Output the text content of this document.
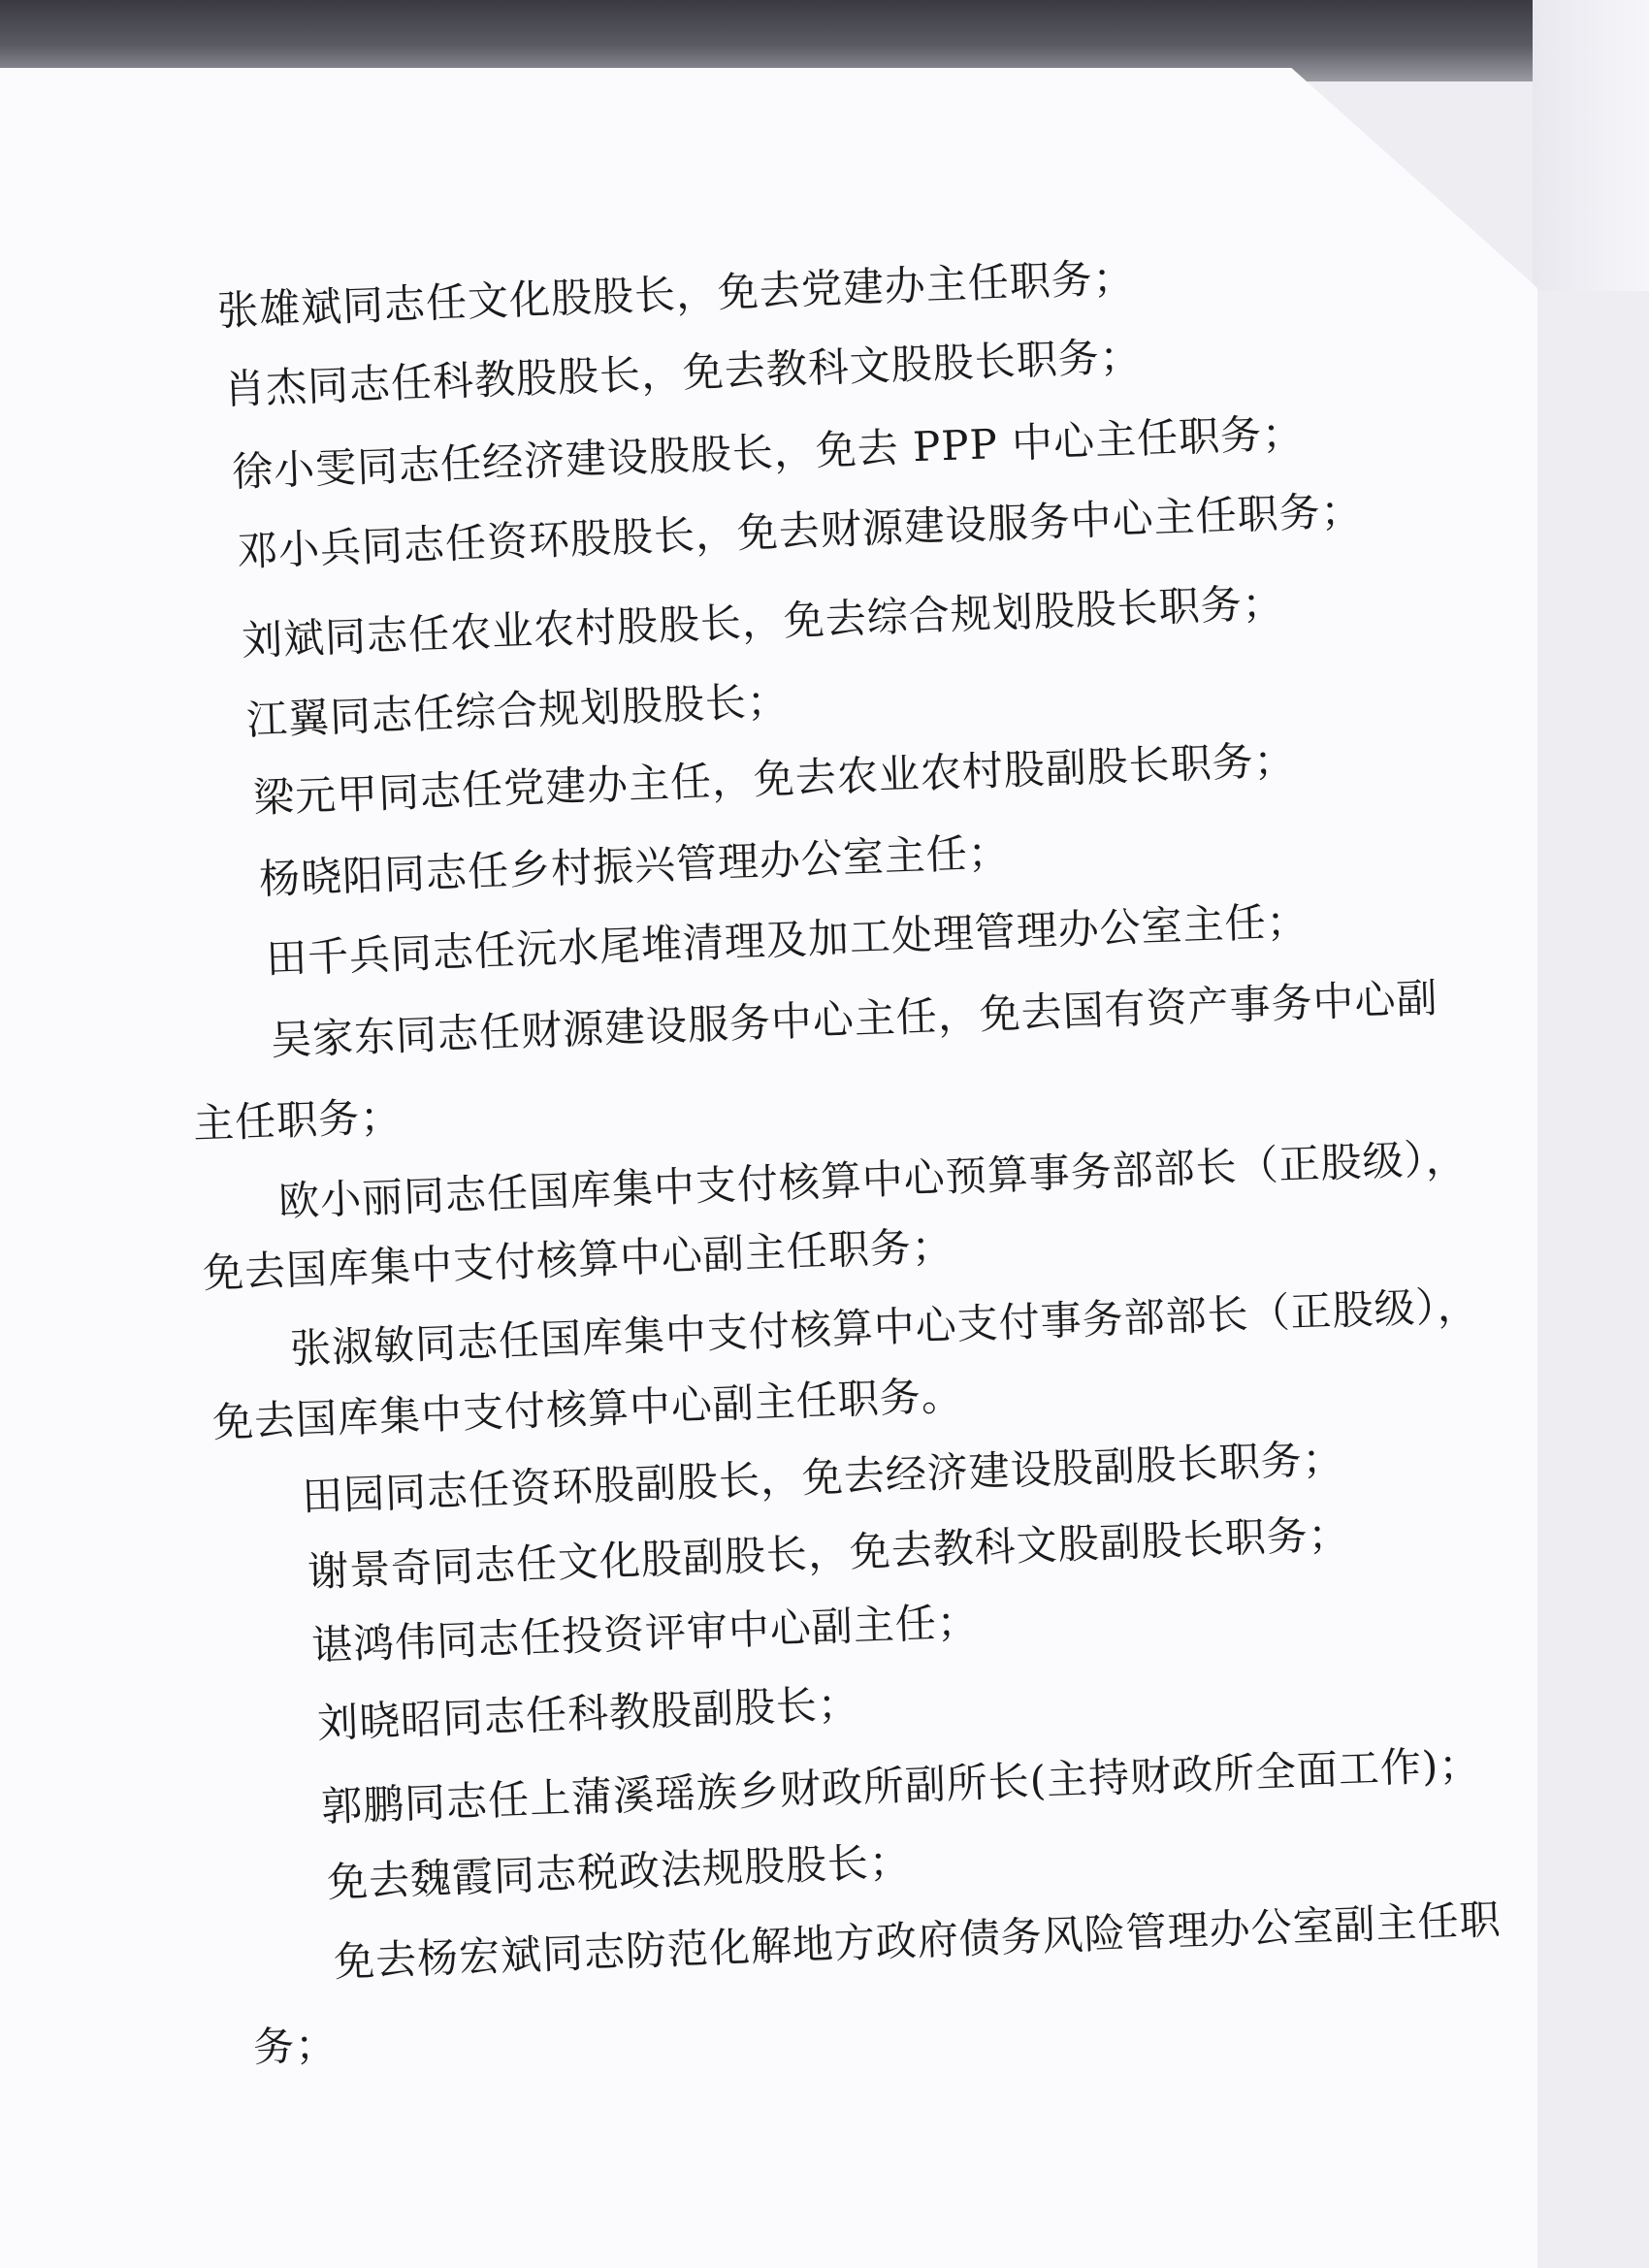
张雄斌同志任文化股股长，免去党建办主任职务；
肖杰同志任科教股股长，免去教科文股股长职务；
徐小雯同志任经济建设股股长，免去 PPP 中心主任职务；
邓小兵同志任资环股股长，免去财源建设服务中心主任职务；
刘斌同志任农业农村股股长，免去综合规划股股长职务；
江翼同志任综合规划股股长；
梁元甲同志任党建办主任，免去农业农村股副股长职务；
杨晓阳同志任乡村振兴管理办公室主任；
田千兵同志任沅水尾堆清理及加工处理管理办公室主任；
吴家东同志任财源建设服务中心主任，免去国有资产事务中心副
主任职务；
欧小丽同志任国库集中支付核算中心预算事务部部长（正股级），
免去国库集中支付核算中心副主任职务；
张淑敏同志任国库集中支付核算中心支付事务部部长（正股级），
免去国库集中支付核算中心副主任职务。
田园同志任资环股副股长，免去经济建设股副股长职务；
谢景奇同志任文化股副股长，免去教科文股副股长职务；
谌鸿伟同志任投资评审中心副主任；
刘晓昭同志任科教股副股长；
郭鹏同志任上蒲溪瑶族乡财政所副所长(主持财政所全面工作)；
免去魏霞同志税政法规股股长；
免去杨宏斌同志防范化解地方政府债务风险管理办公室副主任职
务；
